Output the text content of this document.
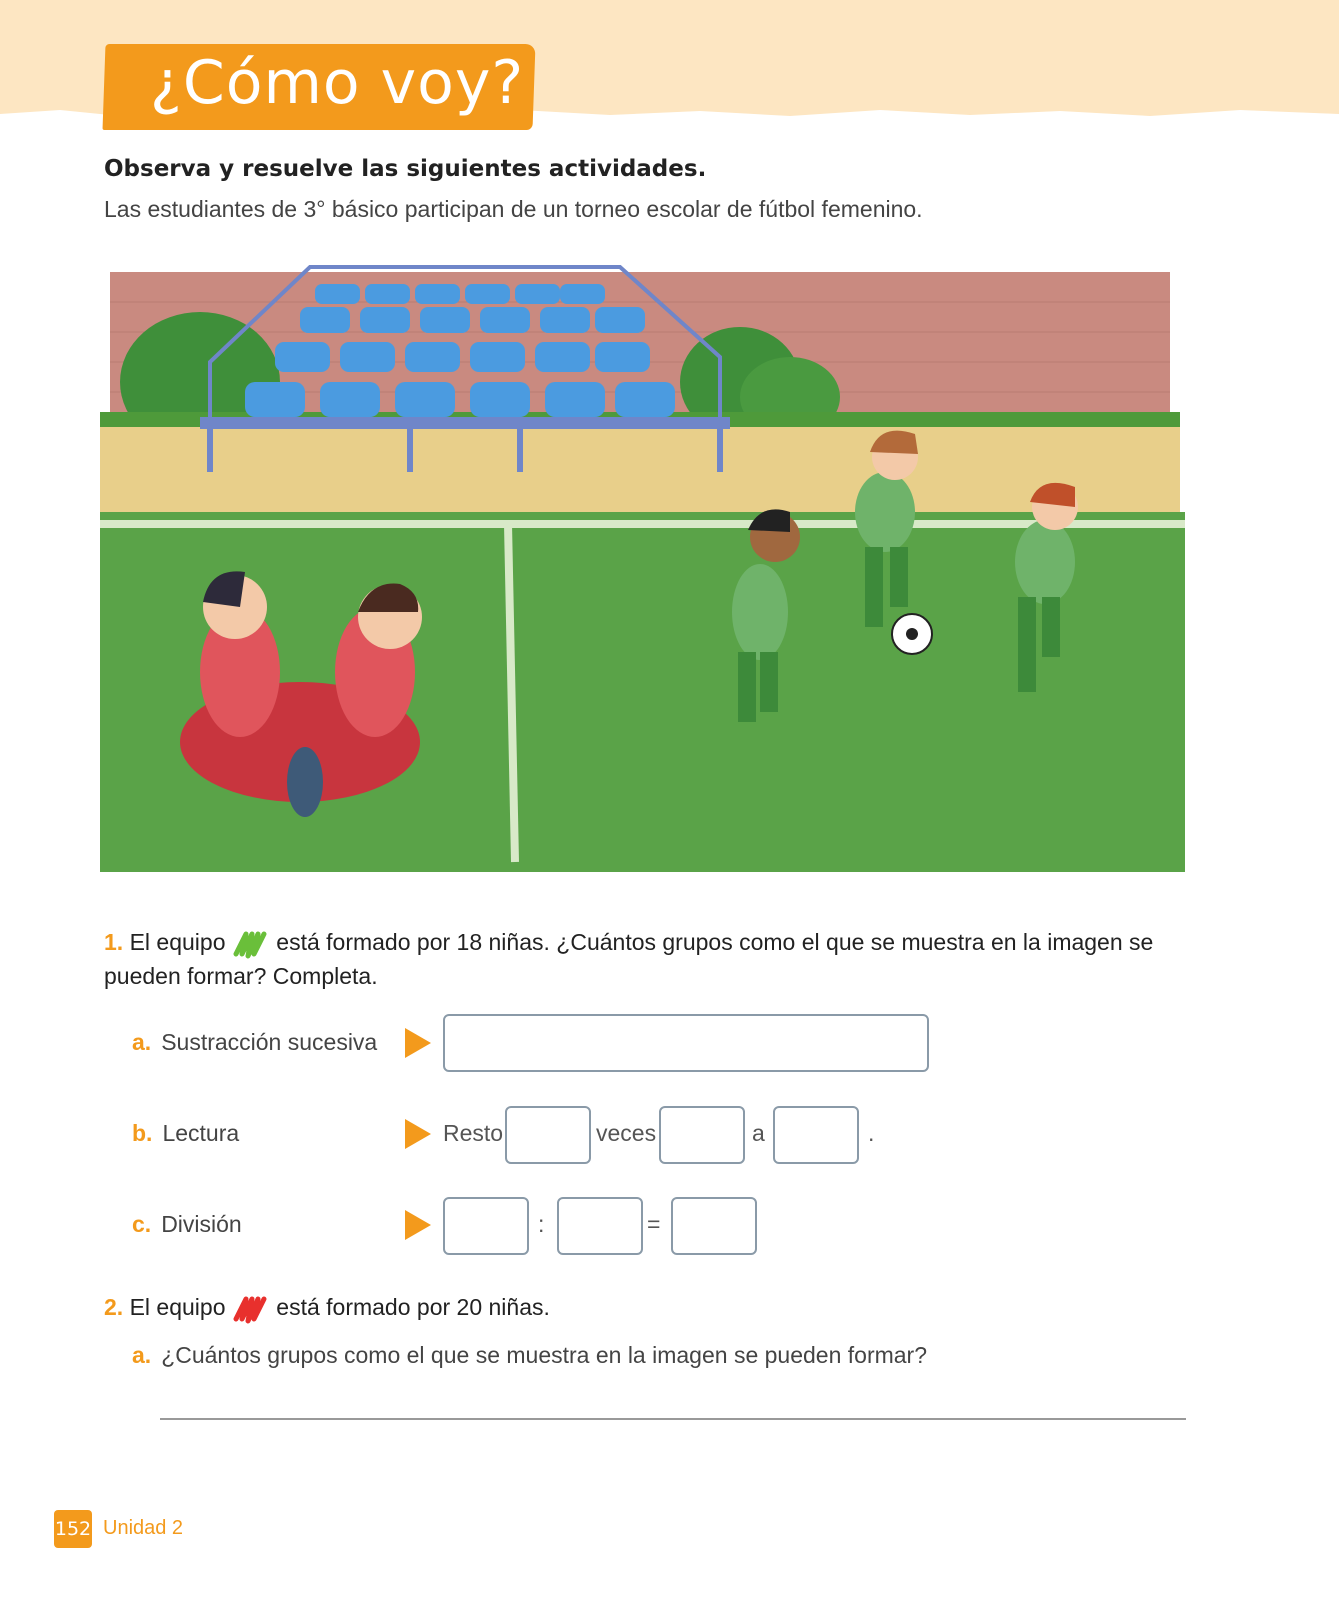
¿Cómo voy?
Observa y resuelve las siguientes actividades.
Las estudiantes de 3° básico participan de un torneo escolar de fútbol femenino.
1. El equipo está formado por 18 niñas. ¿Cuántos grupos como el que se muestra en la imagen se pueden formar? Completa.
a. Sustracción sucesiva
b. Lectura	Resto	veces	a	.
c. División	:	=
2. El equipo está formado por 20 niñas.
a. ¿Cuántos grupos como el que se muestra en la imagen se pueden formar?
152 Unidad 2
